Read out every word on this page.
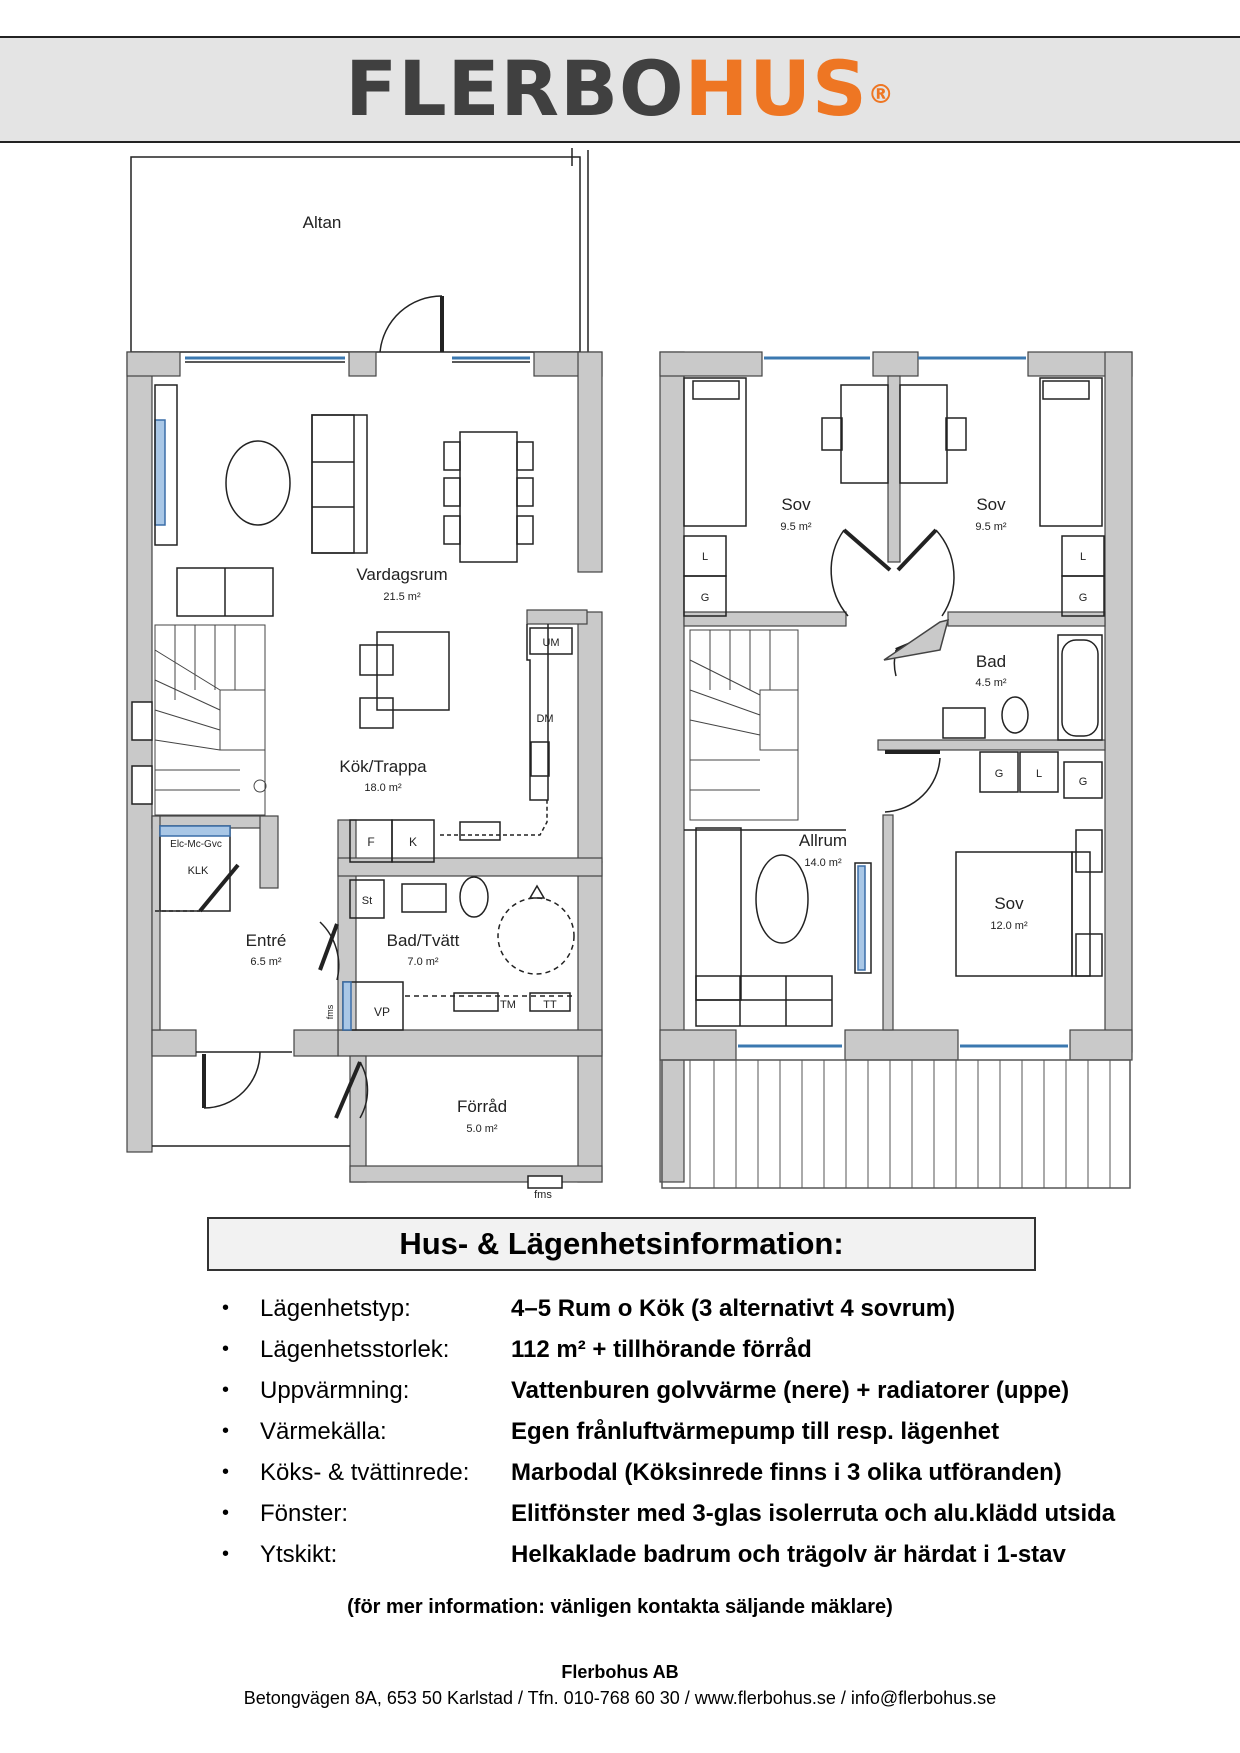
FLERBOHUS®
Altan
Vardagsrum
21.5 m²
Kök/Trappa
18.0 m²
Entré
6.5 m²
Bad/Tvätt
7.0 m²
Förråd
5.0 m²
UM
DM
F	K
Elc-Mc-Gvc
KLK
St
VP	TM TT
fms
fms
Sov
9.5 m²
Sov
9.5 m²
Bad
4.5 m²
Allrum
14.0 m²
Sov
12.0 m²
L
G
L
G
G	L
G
Hus- & Lägenhetsinformation:
• Lägenhetstyp:	4–5 Rum o Kök (3 alternativt 4 sovrum)
• Lägenhetsstorlek:	112 m² + tillhörande förråd
• Uppvärmning:	Vattenburen golvvärme (nere) + radiatorer (uppe)
• Värmekälla:	Egen frånluftvärmepump till resp. lägenhet
• Köks- & tvättinredе: Marbodal (Köksinrede finns i 3 olika utföranden)
• Fönster:	Elitfönster med 3-glas isolerruta och alu.klädd utsida
• Ytskikt:	Helkaklade badrum och trägolv är härdat i 1-stav
(för mer information: vänligen kontakta säljande mäklare)
Flerbohus AB
Betongvägen 8A, 653 50 Karlstad / Tfn. 010-768 60 30 / www.flerbohus.se / info@flerbohus.se
